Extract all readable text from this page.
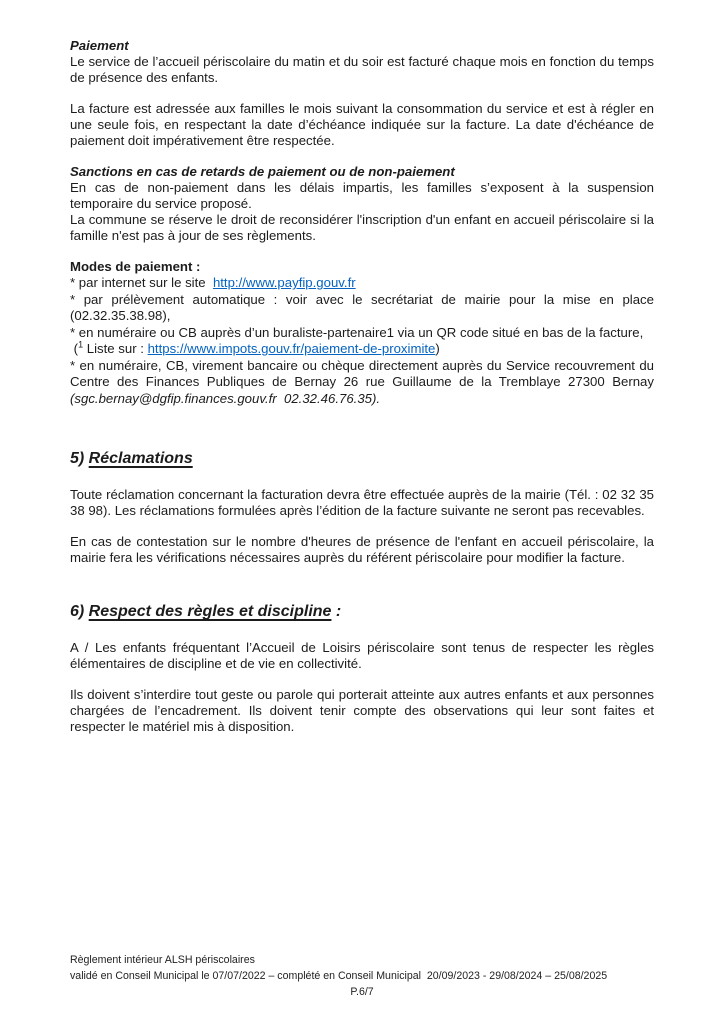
Paiement

Le service de l’accueil périscolaire du matin et du soir est facturé chaque mois en fonction du temps de présence des enfants.

La facture est adressée aux familles le mois suivant la consommation du service et est à régler en une seule fois, en respectant la date d’échéance indiquée sur la facture. La date d'échéance de paiement doit impérativement être respectée.

Sanctions en cas de retards de paiement ou de non-paiement

En cas de non-paiement dans les délais impartis, les familles s’exposent à la suspension temporaire du service proposé.

La commune se réserve le droit de reconsidérer l'inscription d'un enfant en accueil périscolaire si la famille n'est pas à jour de ses règlements.

Modes de paiement :

* par internet sur le site  http://www.payfip.gouv.fr

* par prélèvement automatique : voir avec le secrétariat de mairie pour la mise en place (02.32.35.38.98),

* en numéraire ou CB auprès d’un buraliste-partenaire1 via un QR code situé en bas de la facture,

($^1$ Liste sur : https://www.impots.gouv.fr/paiement-de-proximite)

* en numéraire, CB, virement bancaire ou chèque directement auprès du Service recouvrement du Centre des Finances Publiques de Bernay 26 rue Guillaume de la Tremblaye 27300 Bernay (sgc.bernay@dgfip.finances.gouv.fr  02.32.46.76.35).

5) Réclamations

Toute réclamation concernant la facturation devra être effectuée auprès de la mairie (Tél. : 02 32 35 38 98). Les réclamations formulées après l’édition de la facture suivante ne seront pas recevables.

En cas de contestation sur le nombre d'heures de présence de l'enfant en accueil périscolaire, la mairie fera les vérifications nécessaires auprès du référent périscolaire pour modifier la facture.

6) Respect des règles et discipline :

A / Les enfants fréquentant l’Accueil de Loisirs périscolaire sont tenus de respecter les règles élémentaires de discipline et de vie en collectivité.

Ils doivent s’interdire tout geste ou parole qui porterait atteinte aux autres enfants et aux personnes chargées de l’encadrement. Ils doivent tenir compte des observations qui leur sont faites et respecter le matériel mis à disposition.

Règlement intérieur ALSH périscolaires
validé en Conseil Municipal le 07/07/2022 – complété en Conseil Municipal  20/09/2023 - 29/08/2024 – 25/08/2025
P.6/7
